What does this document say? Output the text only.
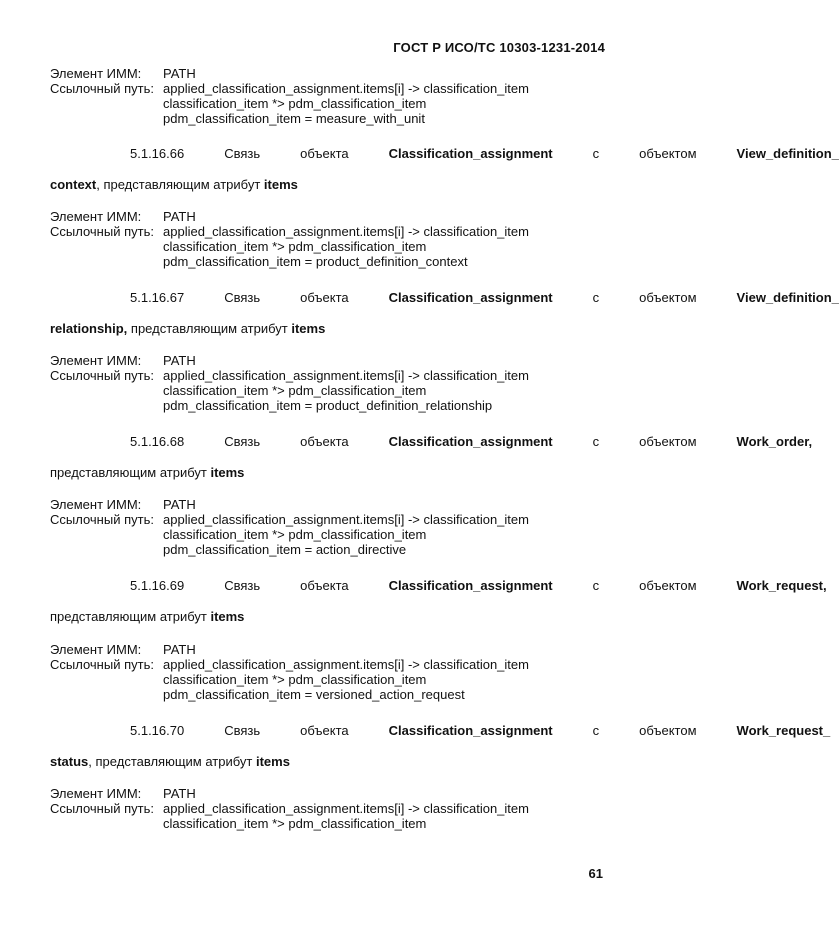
ГОСТ Р ИСО/ТС 10303-1231-2014
Элемент ИММ:	PATH
Ссылочный путь: applied_classification_assignment.items[i] -> classification_item
classification_item *> pdm_classification_item
pdm_classification_item = measure_with_unit
5.1.16.66	Связь	объекта	Classification_assignment	с	объектом	View_definition_
context, представляющим атрибут items
Элемент ИММ:	PATH
Ссылочный путь: applied_classification_assignment.items[i] -> classification_item
classification_item *> pdm_classification_item
pdm_classification_item = product_definition_context
5.1.16.67	Связь	объекта	Classification_assignment	с	объектом	View_definition_
relationship, представляющим атрибут items
Элемент ИММ:	PATH
Ссылочный путь: applied_classification_assignment.items[i] -> classification_item
classification_item *> pdm_classification_item
pdm_classification_item = product_definition_relationship
5.1.16.68	Связь	объекта	Classification_assignment	с	объектом	Work_order,
представляющим атрибут items
Элемент ИММ:	PATH
Ссылочный путь: applied_classification_assignment.items[i] -> classification_item
classification_item *> pdm_classification_item
pdm_classification_item = action_directive
5.1.16.69	Связь	объекта	Classification_assignment	с	объектом	Work_request,
представляющим атрибут items
Элемент ИММ:	PATH
Ссылочный путь: applied_classification_assignment.items[i] -> classification_item
classification_item *> pdm_classification_item
pdm_classification_item = versioned_action_request
5.1.16.70	Связь	объекта	Classification_assignment	с	объектом	Work_request_
status, представляющим атрибут items
Элемент ИММ:	PATH
Ссылочный путь: applied_classification_assignment.items[i] -> classification_item
classification_item *> pdm_classification_item
61
